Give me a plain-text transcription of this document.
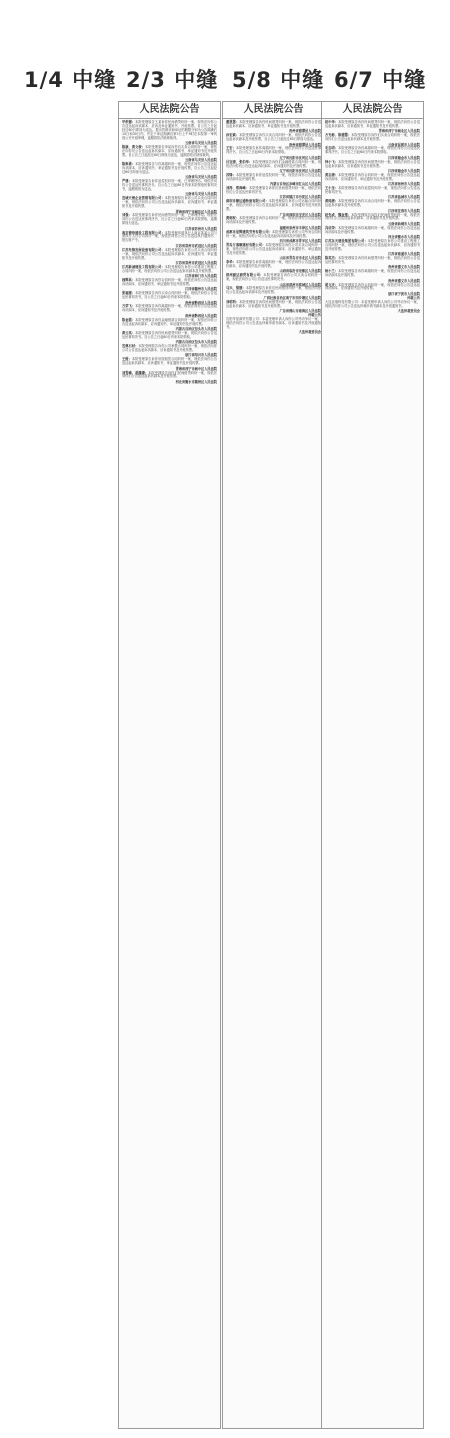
1/4 中缝 2/3 中缝 5/8 中缝 6/7 中缝
人民法院公告
甲供德：本院受理原告王某诉你民间借贷纠纷一案，现依法向你公告送达起诉状副本、应诉及举证通知书、开庭传票。自公告之日起经过60日即视为送达。提出答辩状和举证的期限分别为公告期满后15日和30日内，并定于举证期满后第3日上午9时在本院第一审判庭公开开庭审理，逾期将依法缺席裁判。
云南省马关县人民法院
陈康、黄文俊：本院受理原告李某诉你们买卖合同纠纷一案，现依法向你们公告送达起诉状副本、应诉通知书、举证通知书及开庭传票。自公告之日起经过60日即视为送达，逾期将依法缺席裁判。
云南省马关县人民法院
陈维勇：本院受理原告与你离婚纠纷一案，现依法向你公告送达起诉状副本、应诉通知书、举证通知书及开庭传票，自公告之日起经过60日即视为送达。
云南省马关县人民法院
严建：本院受理原告诉你追偿权纠纷一案，已审理终结。现依法向你公告送达民事判决书。自公告之日起60日内来本院领取民事判决书，逾期则视为送达。
云南省马关县人民法院
宣城天俊企业营销有限公司：本院受理原告诉你公司买卖合同纠纷一案，现依法向你公司公告送达起诉状副本、应诉通知书、举证通知书及开庭传票。
青海省西宁市城东区人民法院
刘强：本院受理原告诉你民间借贷纠纷一案，已审理终结。现依法向你公告送达民事判决书，自公告之日起60日内来本院领取，逾期即视为送达。
江苏省苏州市人民法院
南京德伟建设工程有限公司：本院受理申请执行人南京某某公司与被执行人你公司执行一案，现依法向你公司公告送达执行通知书、报告财产令。
江苏省常州市武进区人民法院
江苏先锋发展设备有限公司：本院受理原告诉你公司买卖合同纠纷一案，现依法向你公司公告送达起诉状副本、应诉通知书、举证通知书及开庭传票。
江苏省常州市武进区人民法院
江苏新诚建设工程有限公司：本院受理原告诉你公司建设工程施工合同纠纷一案，现依法向你公司公告送达起诉状副本及开庭传票。
江苏省海门市人民法院
阎辉昌：本院受理原告诉你合同纠纷一案，现依法向你公告送达起诉状副本、应诉通知书、举证通知书及开庭传票。
江西省赣州市人民法院
张福建：本院受理原告诉你买卖合同纠纷一案，现依法向你公告送达民事判决书，自公告之日起60日内来本院领取。
贵州省黔西县人民法院
万荣飞：本院受理原告诉你离婚纠纷一案，现依法向你公告送达起诉状副本、应诉通知书及开庭传票。
贵州省黔西县人民法院
陈金霞：本院受理原告诉你金融借款合同纠纷一案，现依法向你公告送达起诉状副本、应诉通知书、举证通知书及开庭传票。
内蒙古自治区包头市人民法院
黄云英：本院受理原告诉你民间借贷纠纷一案，现依法向你公告送达民事判决书。自公告之日起60日内来本院领取。
内蒙古自治区包头市人民法院
宣奥石材：本院受理原告诉你公司承揽合同纠纷一案，现依法向你公司公告送达起诉状副本、应诉通知书及开庭传票。
浙江省绍兴市人民法院
王煜：本院受理原告诉你房屋租赁合同纠纷一案，现依法向你公告送达起诉状副本、应诉通知书、举证通知书及开庭传票。
青海省西宁市城中区人民法院
刘雪峰、胡潇潇：本院受理原告诉你们民间借贷纠纷一案，现依法向你们公告送达起诉状副本及开庭传票。
河北省衡水市冀州区人民法院
人民法院公告
董恩慧：本院受理原告诉你民间借贷纠纷一案，现依法向你公告送达起诉状副本、应诉通知书、举证通知书及开庭传票。
贵州省湄潭县人民法院
孙宏斌：本院受理原告诉你买卖合同纠纷一案，现依法向你公告送达起诉状副本及开庭传票，自公告之日起经过60日即视为送达。
贵州省湄潭县人民法院
王宏：本院受理原告诉你离婚纠纷一案，现依法向你公告送达民事判决书，自公告之日起60日内来本院领取。
辽宁省沈阳市沈河区人民法院
吕宝清、张伯华：本院受理原告诉你们金融借款合同纠纷一案，现依法向你们公告送达起诉状副本、应诉通知书及开庭传票。
辽宁省沈阳市沈河区人民法院
苏锋：本院受理原告诉你追偿权纠纷一案，现依法向你公告送达起诉状副本及开庭传票。
内蒙古自治区赤峰市红山区人民法院
刘涛、郑海峰：本院受理原告诉你们民间借贷纠纷一案，现依法向你们公告送达民事判决书。
江苏省镇江市丹徒区人民法院
深圳市顺达通物流有限公司：本院受理原告诉你公司运输合同纠纷一案，现依法向你公司公告送达起诉状副本、应诉通知书及开庭传票。
广东省深圳市宝安区人民法院
黄炳权：本院受理原告诉你合同纠纷一案，现依法向你公告送达起诉状副本及开庭传票。
福建省泉州市丰泽区人民法院
成都市星辉建筑劳务有限公司：本院受理原告诉你公司劳务合同纠纷一案，现依法向你公司公告送达起诉状副本及开庭传票。
四川省成都市青羊区人民法院
青岛万事顺建材有限公司：本院受理原告诉你公司买卖合同纠纷一案，现依法向你公司公告送达起诉状副本、应诉通知书、举证通知书及开庭传票。
山东省青岛市市北区人民法院
李华：本院受理原告诉你离婚纠纷一案，现依法向你公告送达起诉状副本、应诉通知书及开庭传票。
山西省临汾市尧都区人民法院
滨州源达商贸有限公司：本院受理原告诉你公司买卖合同纠纷一案，现依法向你公司公告送达民事判决书。
山东省滨州市滨城区人民法院
马兴、梁德：本院受理原告诉你们民间借贷纠纷一案，现依法向你们公告送达起诉状副本及开庭传票。
广西壮族自治区南宁市西乡塘区人民法院
刘明利：本院受理原告诉你民间借贷纠纷一案，现依法向你公告送达起诉状副本、应诉通知书及开庭传票。
广东省佛山市南海区人民法院
仲裁公告
沈阳华星商贸有限公司：本委受理申请人诉你公司劳动争议一案，现依法向你公司公告送达仲裁申请书副本、应诉通知书及开庭通知书。
大连仲裁委员会
人民法院公告
赵中华：本院受理原告诉你民间借贷纠纷一案，现依法向你公告送达起诉状副本、应诉通知书、举证通知书及开庭传票。
青海省西宁市城北区人民法院
方光彬、陈德慧：本院受理原告诉你们买卖合同纠纷一案，现依法向你们公告送达起诉状副本及开庭传票。
云南省昆明市人民法院
毛志明：本院受理原告诉你离婚纠纷一案，现依法向你公告送达民事判决书，自公告之日起60日内来本院领取。
江西省瑞金市人民法院
钟小飞：本院受理原告诉你民间借贷纠纷一案，现依法向你公告送达起诉状副本、应诉通知书及开庭传票。
江西省瑞金市人民法院
黄志清：本院受理原告诉你合同纠纷一案，现依法向你公告送达起诉状副本、应诉通知书、举证通知书及开庭传票。
江苏省扬州市人民法院
王小龙：本院受理原告诉你追偿权纠纷一案，现依法向你公告送达民事判决书。
江苏省盐城市人民法院
黄纯清：本院受理原告诉你买卖合同纠纷一案，现依法向你公告送达起诉状副本及开庭传票。
江西省宜春市人民法院
赵先成、魏金莲：本院受理原告诉你们民间借贷纠纷一案，现依法向你们公告送达起诉状副本、应诉通知书及开庭传票。
云南省曲靖市人民法院
冯启荣：本院受理原告诉你离婚纠纷一案，现依法向你公告送达起诉状副本及开庭传票。
河北省衡水市人民法院
江苏东天建设集团有限公司：本院受理原告诉你公司建设工程施工合同纠纷一案，现依法向你公司公告送达起诉状副本、应诉通知书及开庭传票。
江苏省南通市人民法院
陈英杰：本院受理原告诉你民间借贷纠纷一案，现依法向你公告送达民事判决书。
贵州省遵义市人民法院
杨小兰：本院受理原告诉你离婚纠纷一案，现依法向你公告送达起诉状副本及开庭传票。
贵州省遵义市人民法院
胡文庆：本院受理原告诉你合同纠纷一案，现依法向你公告送达起诉状副本、应诉通知书及开庭传票。
浙江省宁波市人民法院
仲裁公告
大连亚瑞科技有限公司：本委受理申请人诉你公司劳动争议一案，现依法向你公司公告送达仲裁申请书副本及开庭通知书。
大连仲裁委员会
